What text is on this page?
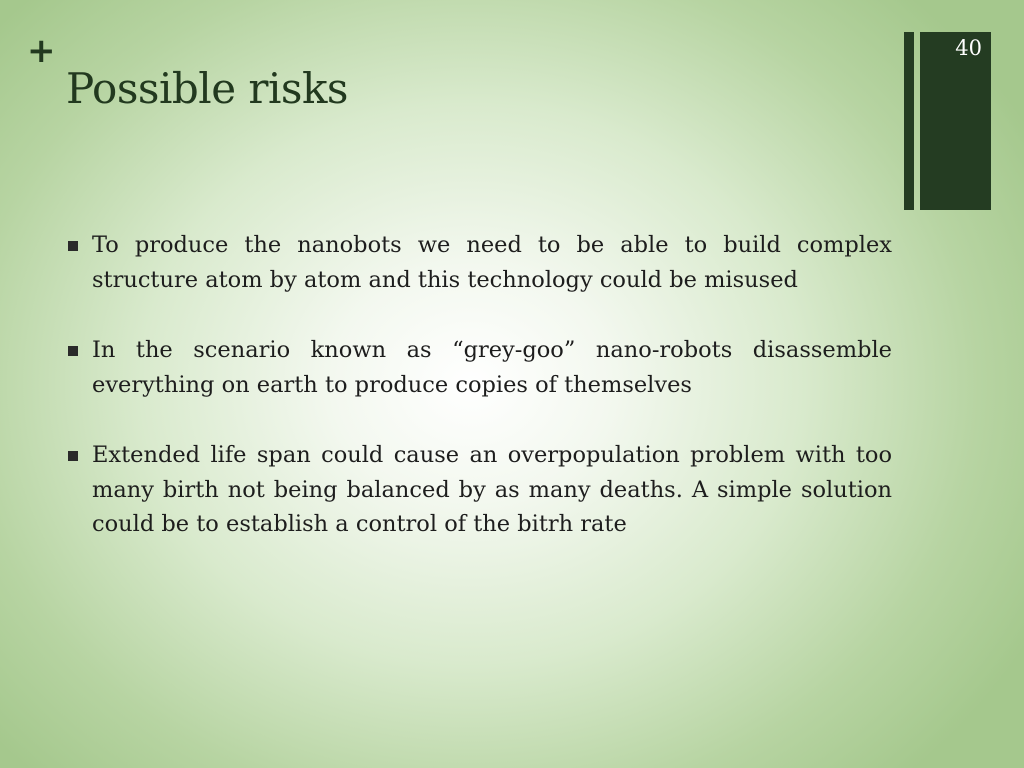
+
Possible risks
40

To produce the nanobots we need to be able to build complex structure atom by atom and this technology could be misused

In the scenario known as “grey-goo” nano-robots disassemble everything on earth to produce copies of themselves

Extended life span could cause an overpopulation problem with too many birth not being balanced by as many deaths. A simple solution could be to establish a control of the bitrh rate
